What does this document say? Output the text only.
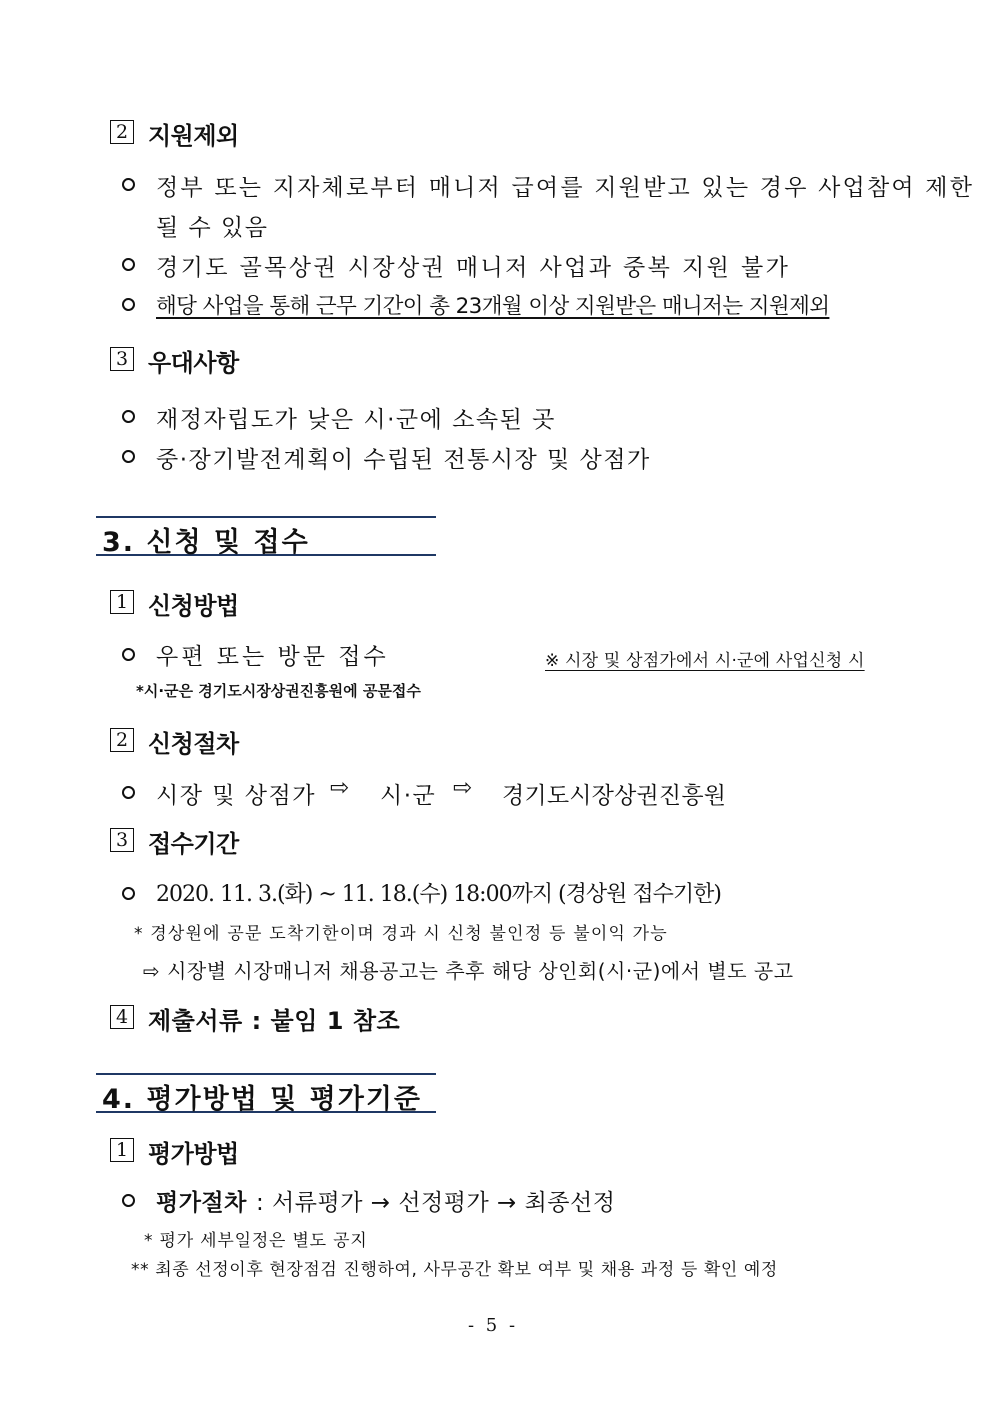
2 지원제외
정부 또는 지자체로부터 매니저 급여를 지원받고 있는 경우 사업참여 제한
될 수 있음
경기도 골목상권 시장상권 매니저 사업과 중복 지원 불가
해당 사업을 통해 근무 기간이 총 23개월 이상 지원받은 매니저는 지원제외
3 우대사항
재정자립도가 낮은 시·군에 소속된 곳
중·장기발전계획이 수립된 전통시장 및 상점가
3. 신청 및 접수
1 신청방법
우편 또는 방문 접수	※ 시장 및 상점가에서 시·군에 사업신청 시
*시·군은 경기도시장상권진흥원에 공문접수
2 신청절차
시장 및 상점가 ⇨ 시·군 ⇨ 경기도시장상권진흥원
3 접수기간
2020. 11. 3.(화) ~ 11. 18.(수) 18:00까지 (경상원 접수기한)
* 경상원에 공문 도착기한이며 경과 시 신청 불인정 등 불이익 가능
⇨ 시장별 시장매니저 채용공고는 추후 해당 상인회(시·군)에서 별도 공고
4 제출서류 : 붙임 1 참조
4. 평가방법 및 평가기준
1 평가방법
평가절차 : 서류평가 → 선정평가 → 최종선정
* 평가 세부일정은 별도 공지
** 최종 선정이후 현장점검 진행하여, 사무공간 확보 여부 및 채용 과정 등 확인 예정
- 5 -
